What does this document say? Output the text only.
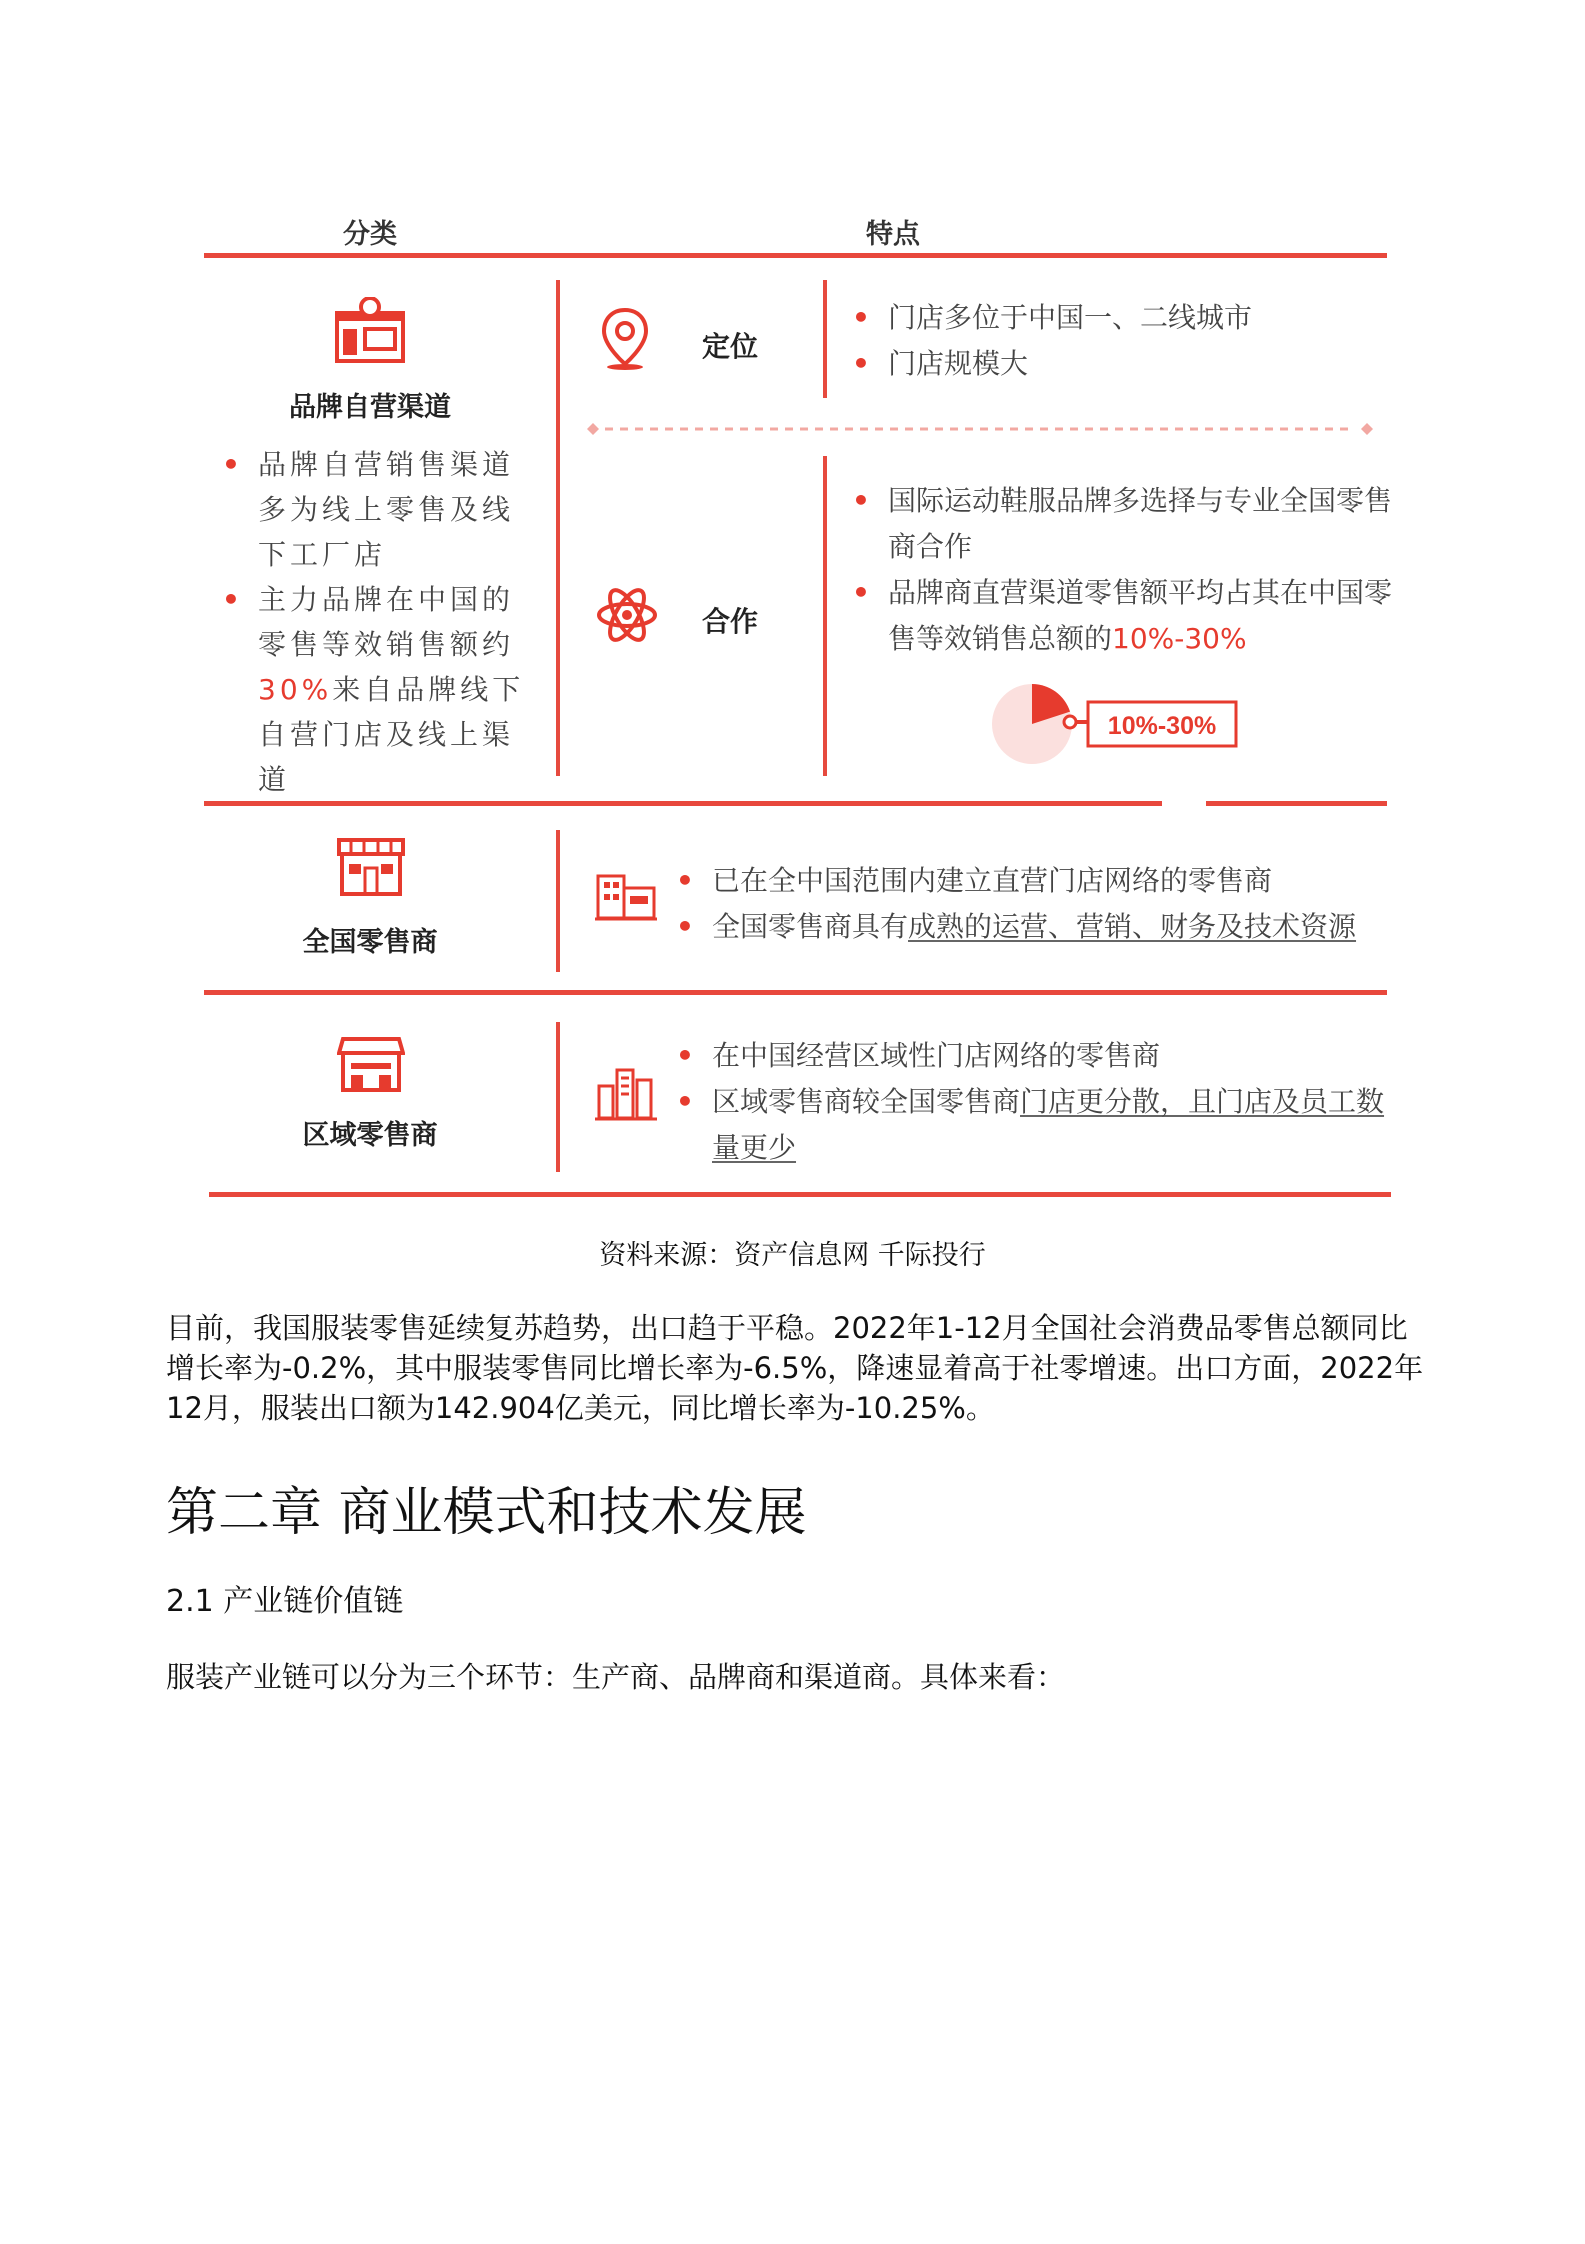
分类	特点
品牌自营渠道
• 品牌自营销售渠道多为线上零售及线下工厂店
• 主力品牌在中国的零售等效销售额约30%来自品牌线下自营门店及线上渠道
定位
• 门店多位于中国一、二线城市
• 门店规模大
合作
• 国际运动鞋服品牌多选择与专业全国零售商合作
• 品牌商直营渠道零售额平均占其在中国零售等效销售总额的10%-30%
10%-30%
全国零售商
• 已在全中国范围内建立直营门店网络的零售商
• 全国零售商具有成熟的运营、营销、财务及技术资源
区域零售商
• 在中国经营区域性门店网络的零售商
• 区域零售商较全国零售商门店更分散，且门店及员工数量更少
资料来源：资产信息网 千际投行

目前，我国服装零售延续复苏趋势，出口趋于平稳。2022年1-12月全国社会消费品零售总额同比增长率为-0.2%，其中服装零售同比增长率为-6.5%，降速显着高于社零增速。出口方面，2022年12月，服装出口额为142.904亿美元，同比增长率为-10.25%。

第二章 商业模式和技术发展
2.1 产业链价值链

服装产业链可以分为三个环节：生产商、品牌商和渠道商。具体来看：
